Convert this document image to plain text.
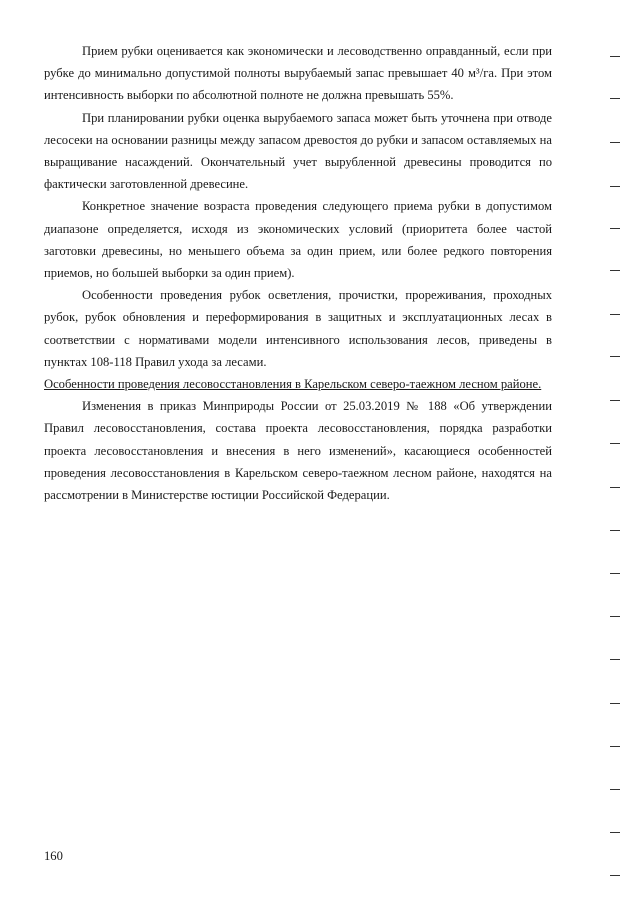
Прием рубки оценивается как экономически и лесоводственно оправданный, если при рубке до минимально допустимой полноты вырубаемый запас превышает 40 м³/га. При этом интенсивность выборки по абсолютной полноте не должна превышать 55%.

При планировании рубки оценка вырубаемого запаса может быть уточнена при отводе лесосеки на основании разницы между запасом древостоя до рубки и запасом оставляемых на выращивание насаждений. Окончательный учет вырубленной древесины проводится по фактически заготовленной древесине.

Конкретное значение возраста проведения следующего приема рубки в допустимом диапазоне определяется, исходя из экономических условий (приоритета более частой заготовки древесины, но меньшего объема за один прием, или более редкого повторения приемов, но большей выборки за один прием).

Особенности проведения рубок осветления, прочистки, прореживания, проходных рубок, рубок обновления и переформирования в защитных и эксплуатационных лесах в соответствии с нормативами модели интенсивного использования лесов, приведены в пунктах 108-118 Правил ухода за лесами.

Особенности проведения лесовосстановления в Карельском северо-таежном лесном районе.

Изменения в приказ Минприроды России от 25.03.2019 № 188 «Об утверждении Правил лесовосстановления, состава проекта лесовосстановления, порядка разработки проекта лесовосстановления и внесения в него изменений», касающиеся особенностей проведения лесовосстановления в Карельском северо-таежном лесном районе, находятся на рассмотрении в Министерстве юстиции Российской Федерации.

160
